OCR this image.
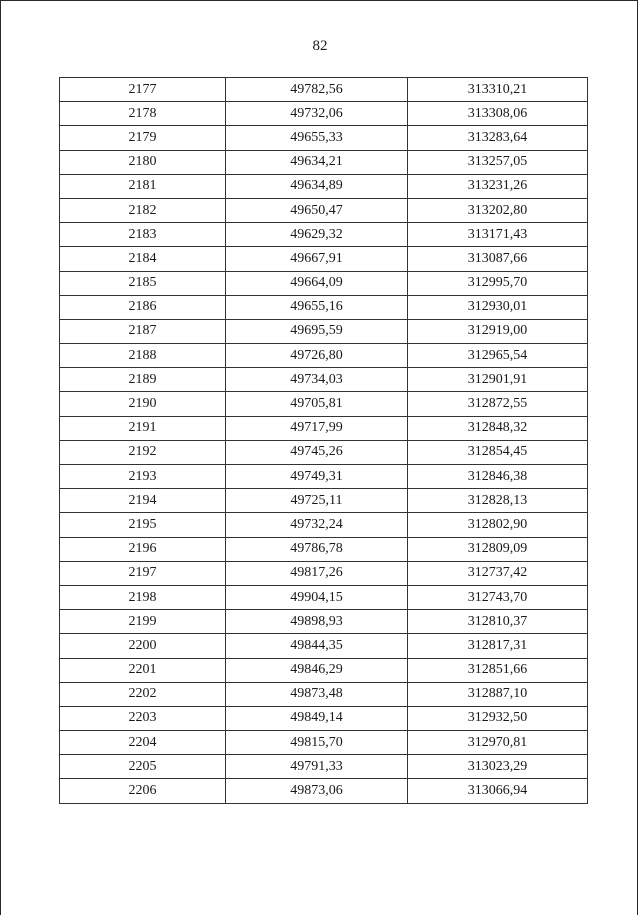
82
2177	49782,56	313310,21
2178	49732,06	313308,06
2179	49655,33	313283,64
2180	49634,21	313257,05
2181	49634,89	313231,26
2182	49650,47	313202,80
2183	49629,32	313171,43
2184	49667,91	313087,66
2185	49664,09	312995,70
2186	49655,16	312930,01
2187	49695,59	312919,00
2188	49726,80	312965,54
2189	49734,03	312901,91
2190	49705,81	312872,55
2191	49717,99	312848,32
2192	49745,26	312854,45
2193	49749,31	312846,38
2194	49725,11	312828,13
2195	49732,24	312802,90
2196	49786,78	312809,09
2197	49817,26	312737,42
2198	49904,15	312743,70
2199	49898,93	312810,37
2200	49844,35	312817,31
2201	49846,29	312851,66
2202	49873,48	312887,10
2203	49849,14	312932,50
2204	49815,70	312970,81
2205	49791,33	313023,29
2206	49873,06	313066,94
